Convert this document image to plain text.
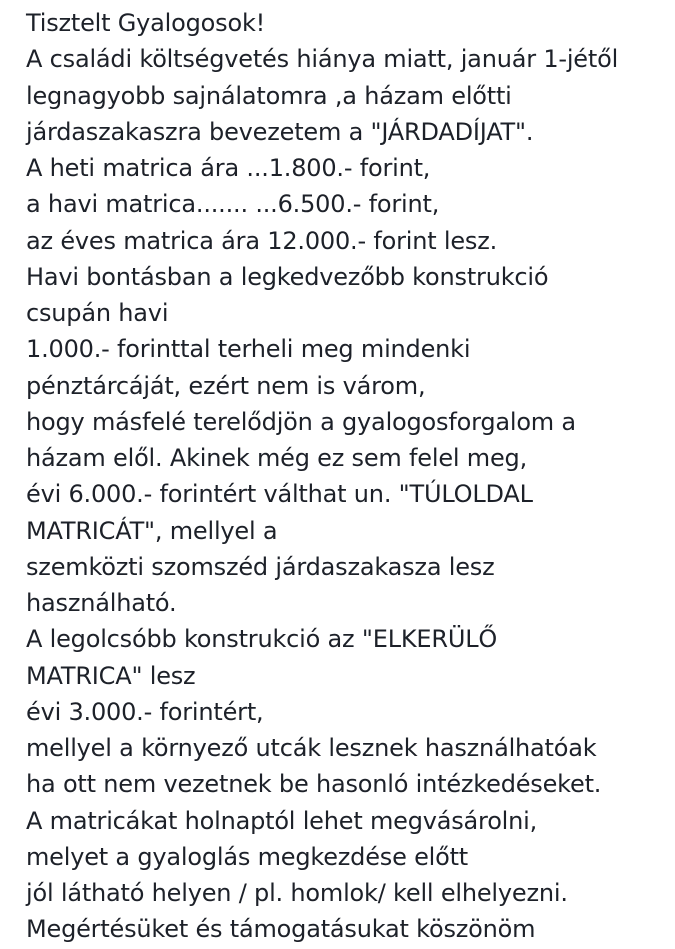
Tisztelt Gyalogosok!
A családi költségvetés hiánya miatt, január 1-jétől
legnagyobb sajnálatomra ,a házam előtti
járdaszakaszra bevezetem a "JÁRDADÍJAT".
A heti matrica ára ...1.800.- forint,
a havi matrica....... ...6.500.- forint,
az éves matrica ára 12.000.- forint lesz.
Havi bontásban a legkedvezőbb konstrukció
csupán havi
1.000.- forinttal terheli meg mindenki
pénztárcáját, ezért nem is várom,
hogy másfelé terelődjön a gyalogosforgalom a
házam elől. Akinek még ez sem felel meg,
évi 6.000.- forintért válthat un. "TÚLOLDAL
MATRICÁT", mellyel a
szemközti szomszéd járdaszakasza lesz
használható.
A legolcsóbb konstrukció az "ELKERÜLŐ
MATRICA" lesz
évi 3.000.- forintért,
mellyel a környező utcák lesznek használhatóak
ha ott nem vezetnek be hasonló intézkedéseket.
A matricákat holnaptól lehet megvásárolni,
melyet a gyaloglás megkezdése előtt
jól látható helyen / pl. homlok/ kell elhelyezni.
Megértésüket és támogatásukat köszönöm
